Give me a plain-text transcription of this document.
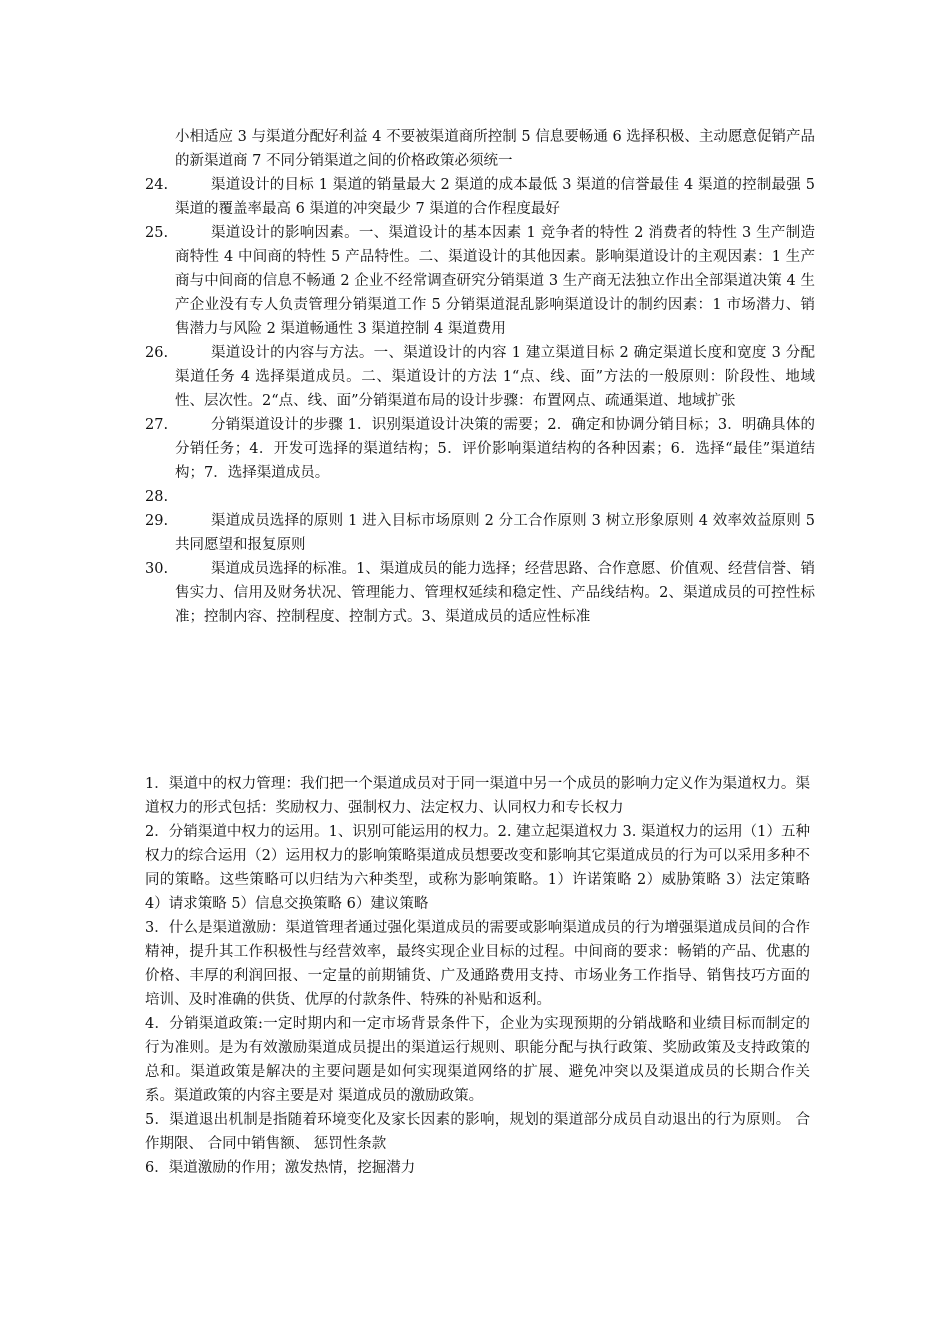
小相适应 3 与渠道分配好利益 4 不要被渠道商所控制 5 信息要畅通 6 选择积极、主动愿意促销产品的新渠道商 7 不同分销渠道之间的价格政策必须统一

24.	渠道设计的目标 1 渠道的销量最大 2 渠道的成本最低 3 渠道的信誉最佳 4 渠道的控制最强 5 渠道的覆盖率最高 6 渠道的冲突最少 7 渠道的合作程度最好
25.	渠道设计的影响因素。一、渠道设计的基本因素 1 竞争者的特性 2 消费者的特性 3 生产制造商特性 4 中间商的特性 5 产品特性。二、渠道设计的其他因素。影响渠道设计的主观因素：1 生产商与中间商的信息不畅通 2 企业不经常调查研究分销渠道 3 生产商无法独立作出全部渠道决策 4 生产企业没有专人负责管理分销渠道工作 5 分销渠道混乱影响渠道设计的制约因素：1 市场潜力、销售潜力与风险 2 渠道畅通性 3 渠道控制 4 渠道费用
26.	渠道设计的内容与方法。一、渠道设计的内容 1 建立渠道目标 2 确定渠道长度和宽度 3 分配渠道任务 4 选择渠道成员。二、渠道设计的方法 1“点、线、面”方法的一般原则：阶段性、地域性、层次性。2“点、线、面”分销渠道布局的设计步骤：布置网点、疏通渠道、地域扩张
27.	分销渠道设计的步骤 1．识别渠道设计决策的需要；2．确定和协调分销目标；3．明确具体的分销任务；4．开发可选择的渠道结构；5．评价影响渠道结构的各种因素；6．选择“最佳”渠道结构；7．选择渠道成员。
28.
29.	渠道成员选择的原则 1 进入目标市场原则 2 分工合作原则 3 树立形象原则 4 效率效益原则 5 共同愿望和报复原则
30.	渠道成员选择的标准。1、渠道成员的能力选择；经营思路、合作意愿、价值观、经营信誉、销售实力、信用及财务状况、管理能力、管理权延续和稳定性、产品线结构。2、渠道成员的可控性标准；控制内容、控制程度、控制方式。3、渠道成员的适应性标准

1．渠道中的权力管理：我们把一个渠道成员对于同一渠道中另一个成员的影响力定义作为渠道权力。渠道权力的形式包括：奖励权力、强制权力、法定权力、认同权力和专长权力

2．分销渠道中权力的运用。1、识别可能运用的权力。2. 建立起渠道权力 3. 渠道权力的运用（1）五种权力的综合运用（2）运用权力的影响策略渠道成员想要改变和影响其它渠道成员的行为可以采用多种不同的策略。这些策略可以归结为六种类型，或称为影响策略。1）许诺策略 2）威胁策略 3）法定策略 4）请求策略 5）信息交换策略 6）建议策略

3．什么是渠道激励：渠道管理者通过强化渠道成员的需要或影响渠道成员的行为增强渠道成员间的合作精神，提升其工作积极性与经营效率，最终实现企业目标的过程。中间商的要求：畅销的产品、优惠的价格、丰厚的利润回报、一定量的前期铺货、广及通路费用支持、市场业务工作指导、销售技巧方面的培训、及时准确的供货、优厚的付款条件、特殊的补贴和返利。

4．分销渠道政策:一定时期内和一定市场背景条件下，企业为实现预期的分销战略和业绩目标而制定的行为准则。是为有效激励渠道成员提出的渠道运行规则、职能分配与执行政策、奖励政策及支持政策的总和。渠道政策是解决的主要问题是如何实现渠道网络的扩展、避免冲突以及渠道成员的长期合作关系。渠道政策的内容主要是对 渠道成员的激励政策。

5．渠道退出机制是指随着环境变化及家长因素的影响，规划的渠道部分成员自动退出的行为原则。 合作期限、 合同中销售额、 惩罚性条款

6．渠道激励的作用；激发热情，挖掘潜力
